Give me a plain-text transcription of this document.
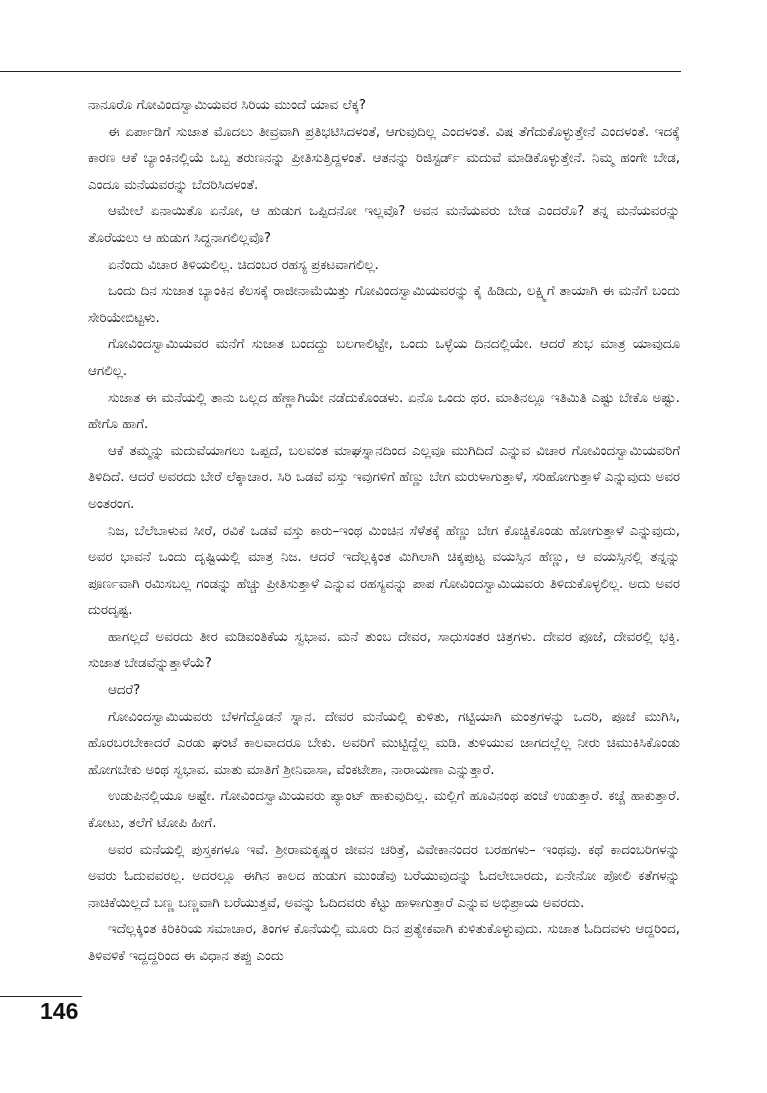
ನಾನೂರೊ ಗೋವಿಂದಸ್ವಾಮಿಯವರ ಸಿರಿಯ ಮುಂದೆ ಯಾವ ಲೆಕ್ಕ?

ಈ ಏರ್ಪಾಡಿಗೆ ಸುಜಾತ ಮೊದಲು ತೀವ್ರವಾಗಿ ಪ್ರತಿಭಟಿಸಿದಳಂತೆ, ಆಗುವುದಿಲ್ಲ ಎಂದಳಂತೆ. ವಿಷ ತೆಗೆದುಕೊಳ್ಳುತ್ತೇನೆ ಎಂದಳಂತೆ. ಇದಕ್ಕೆ ಕಾರಣ ಆಕೆ ಬ್ಯಾಂಕಿನಲ್ಲಿಯೆ ಒಬ್ಬ ತರುಣನನ್ನು ಪ್ರೀತಿಸುತ್ತಿದ್ದಳಂತೆ. ಆತನನ್ನು ರಿಜಿಸ್ಟರ್ಡ್ ಮದುವೆ ಮಾಡಿಕೊಳ್ಳುತ್ತೇನೆ. ನಿಮ್ಮ ಹಂಗೇ ಬೇಡ, ಎಂದೂ ಮನೆಯವರನ್ನು ಬೆದರಿಸಿದಳಂತೆ.

ಆಮೇಲೆ ಏನಾಯಿತೊ ಏನೋ, ಆ ಹುಡುಗ ಒಪ್ಪಿದನೋ ಇಲ್ಲವೊ? ಅವನ ಮನೆಯವರು ಬೇಡ ಎಂದರೊ? ತನ್ನ ಮನೆಯವರನ್ನು ತೊರೆಯಲು ಆ ಹುಡುಗ ಸಿದ್ಧನಾಗಲಿಲ್ಲವೊ?

ಏನೆಂದು ವಿಚಾರ ತಿಳಿಯಲಿಲ್ಲ. ಚಿದಂಬರ ರಹಸ್ಯ ಪ್ರಕಟವಾಗಲಿಲ್ಲ.

ಒಂದು ದಿನ ಸುಜಾತ ಬ್ಯಾಂಕಿನ ಕೆಲಸಕ್ಕೆ ರಾಜೀನಾಮೆಯಿತ್ತು ಗೋವಿಂದಸ್ವಾಮಿಯವರನ್ನು ಕೈ ಹಿಡಿದು, ಲಕ್ಷ್ಮಿಗೆ ತಾಯಾಗಿ ಈ ಮನೆಗೆ ಬಂದು ಸೇರಿಯೇಬಿಟ್ಟಳು.

ಗೋವಿಂದಸ್ವಾಮಿಯವರ ಮನೆಗೆ ಸುಜಾತ ಬಂದದ್ದು ಬಲಗಾಲಿಟ್ಟೇ, ಒಂದು ಒಳ್ಳೆಯ ದಿನದಲ್ಲಿಯೇ. ಆದರೆ ಶುಭ ಮಾತ್ರ ಯಾವುದೂ ಆಗಲಿಲ್ಲ.

ಸುಜಾತ ಈ ಮನೆಯಲ್ಲಿ ತಾನು ಒಲ್ಲದ ಹೆಣ್ಣಾಗಿಯೇ ನಡೆದುಕೊಂಡಳು. ಏನೊ ಒಂದು ಥರ. ಮಾತಿನಲ್ಲೂ ಇತಿಮಿತಿ ಎಷ್ಟು ಬೇಕೊ ಅಷ್ಟು. ಹೇಗೊ ಹಾಗೆ.

ಆಕೆ ತಮ್ಮನ್ನು ಮದುವೆಯಾಗಲು ಒಪ್ಪದೆ, ಬಲವಂತ ಮಾಘಸ್ನಾನದಿಂದ ಎಲ್ಲವೂ ಮುಗಿದಿದೆ ಎನ್ನುವ ವಿಚಾರ ಗೋವಿಂದಸ್ವಾಮಿಯವರಿಗೆ ತಿಳಿದಿದೆ. ಆದರೆ ಅವರದು ಬೇರೆ ಲೆಕ್ಕಾಚಾರ. ಸಿರಿ ಒಡವೆ ವಸ್ತು ಇವುಗಳಿಗೆ ಹೆಣ್ಣು ಬೇಗ ಮರುಳಾಗುತ್ತಾಳೆ, ಸರಿಹೋಗುತ್ತಾಳೆ ಎನ್ನುವುದು ಅವರ ಅಂತರಂಗ.

ನಿಜ, ಬೆಲೆಬಾಳುವ ಸೀರೆ, ರವಿಕೆ ಒಡವೆ ವಸ್ತು ಕಾರು–ಇಂಥ ಮಿಂಚಿನ ಸೆಳೆತಕ್ಕೆ ಹೆಣ್ಣು ಬೇಗ ಕೊಚ್ಚಿಕೊಂಡು ಹೋಗುತ್ತಾಳೆ ಎನ್ನುವುದು, ಅವರ ಭಾವನೆ ಒಂದು ದೃಷ್ಟಿಯಲ್ಲಿ ಮಾತ್ರ ನಿಜ. ಆದರೆ ಇದೆಲ್ಲಕ್ಕಿಂತ ಮಿಗಿಲಾಗಿ ಚಿಕ್ಕಪುಟ್ಟ ವಯಸ್ಸಿನ ಹೆಣ್ಣು, ಆ ವಯಸ್ಸಿನಲ್ಲಿ ತನ್ನನ್ನು ಪೂರ್ಣವಾಗಿ ರಮಿಸಬಲ್ಲ ಗಂಡನ್ನು ಹೆಚ್ಚು ಪ್ರೀತಿಸುತ್ತಾಳೆ ಎನ್ನುವ ರಹಸ್ಯವನ್ನು ಪಾಪ ಗೋವಿಂದಸ್ವಾಮಿಯವರು ತಿಳಿದುಕೊಳ್ಳಲಿಲ್ಲ. ಅದು ಅವರ ದುರದೃಷ್ಟ.

ಹಾಗಲ್ಲದೆ ಅವರದು ತೀರ ಮಡಿವಂತಿಕೆಯ ಸ್ವಭಾವ. ಮನೆ ತುಂಬ ದೇವರ, ಸಾಧುಸಂತರ ಚಿತ್ರಗಳು. ದೇವರ ಪೂಜೆ, ದೇವರಲ್ಲಿ ಭಕ್ತಿ. ಸುಜಾತ ಬೇಡವೆನ್ನುತ್ತಾಳೆಯೆ?

ಆದರೆ?

ಗೋವಿಂದಸ್ವಾಮಿಯವರು ಬೆಳಗೆದ್ದೊಡನೆ ಸ್ನಾನ. ದೇವರ ಮನೆಯಲ್ಲಿ ಕುಳಿತು, ಗಟ್ಟಿಯಾಗಿ ಮಂತ್ರಗಳನ್ನು ಒದರಿ, ಪೂಜೆ ಮುಗಿಸಿ, ಹೊರಬರಬೇಕಾದರೆ ಎರಡು ಘಂಟೆ ಕಾಲವಾದರೂ ಬೇಕು. ಅವರಿಗೆ ಮುಟ್ಟಿದ್ದೆಲ್ಲ ಮಡಿ. ತುಳಿಯುವ ಜಾಗದಲ್ಲೆಲ್ಲ ನೀರು ಚಿಮುಕಿಸಿಕೊಂಡು ಹೋಗಬೇಕು ಅಂಥ ಸ್ವಭಾವ. ಮಾತು ಮಾತಿಗೆ ಶ್ರೀನಿವಾಸಾ, ವೆಂಕಟೇಶಾ, ನಾರಾಯಣಾ ಎನ್ನುತ್ತಾರೆ.

ಉಡುಪಿನಲ್ಲಿಯೂ ಅಷ್ಟೇ. ಗೋವಿಂದಸ್ವಾಮಿಯವರು ಪ್ಯಾಂಟ್ ಹಾಕುವುದಿಲ್ಲ. ಮಲ್ಲಿಗೆ ಹೂವಿನಂಥ ಪಂಚೆ ಉಡುತ್ತಾರೆ. ಕಚ್ಚೆ ಹಾಕುತ್ತಾರೆ. ಕೋಟು, ತಲೆಗೆ ಟೋಪಿ ಹೀಗೆ.

ಅವರ ಮನೆಯಲ್ಲಿ ಪುಸ್ತಕಗಳೂ ಇವೆ. ಶ್ರೀರಾಮಕೃಷ್ಣರ ಜೀವನ ಚರಿತ್ರೆ, ವಿವೇಕಾನಂದರ ಬರಹಗಳು– ಇಂಥವು. ಕಥೆ ಕಾದಂಬರಿಗಳನ್ನು ಅವರು ಓದುವವರಲ್ಲ. ಅದರಲ್ಲೂ ಈಗಿನ ಕಾಲದ ಹುಡುಗ ಮುಂಡೆವು ಬರೆಯುವುದನ್ನು ಓದಲೇಬಾರದು, ಏನೇನೋ ಪೋಲಿ ಕತೆಗಳನ್ನು ನಾಚಿಕೆಯಿಲ್ಲದೆ ಬಣ್ಣ ಬಣ್ಣವಾಗಿ ಬರೆಯುತ್ತವೆ, ಅವನ್ನು ಓದಿದವರು ಕೆಟ್ಟು ಹಾಳಾಗುತ್ತಾರೆ ಎನ್ನುವ ಅಭಿಪ್ರಾಯ ಅವರದು.

ಇದೆಲ್ಲಕ್ಕಿಂತ ಕಿರಿಕಿರಿಯ ಸಮಾಚಾರ, ತಿಂಗಳ ಕೊನೆಯಲ್ಲಿ ಮೂರು ದಿನ ಪ್ರತ್ಯೇಕವಾಗಿ ಕುಳಿತುಕೊಳ್ಳುವುದು. ಸುಜಾತ ಓದಿದವಳು ಆದ್ದರಿಂದ, ತಿಳಿವಳಿಕೆ ಇದ್ದದ್ದರಿಂದ ಈ ವಿಧಾನ ತಪ್ಪು ಎಂದು

146
